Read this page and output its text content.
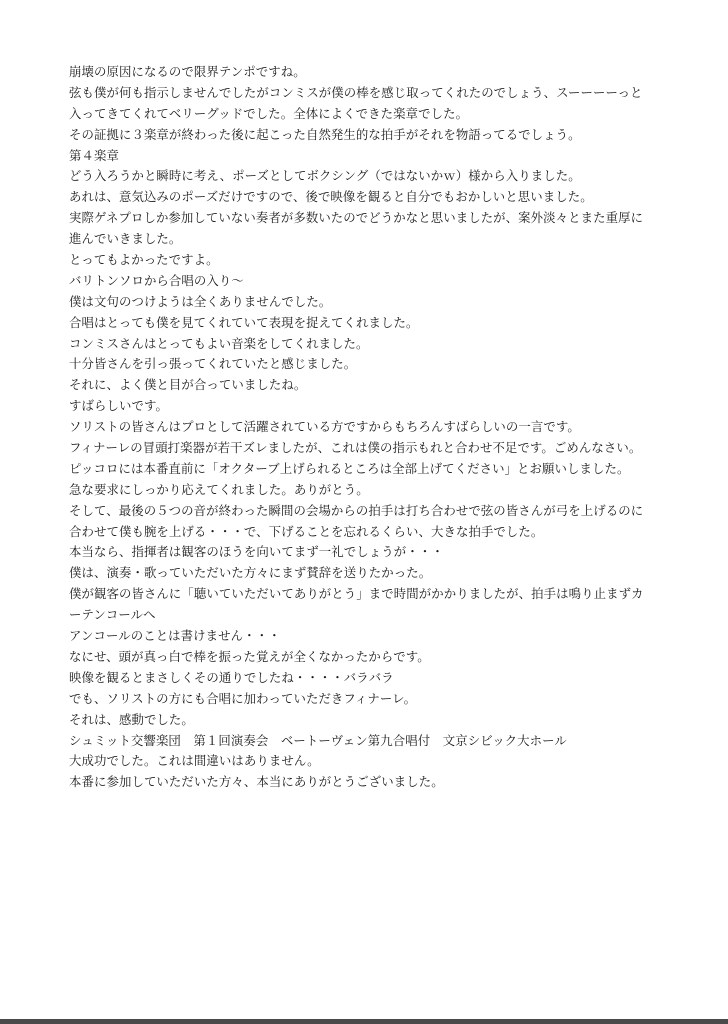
崩壊の原因になるので限界テンポですね。
弦も僕が何も指示しませんでしたがコンミスが僕の棒を感じ取ってくれたのでしょう、スーーーーっと
入ってきてくれてベリーグッドでした。全体によくできた楽章でした。
その証拠に３楽章が終わった後に起こった自然発生的な拍手がそれを物語ってるでしょう。
第４楽章
どう入ろうかと瞬時に考え、ポーズとしてボクシング（ではないかｗ）様から入りました。
あれは、意気込みのポーズだけですので、後で映像を観ると自分でもおかしいと思いました。
実際ゲネプロしか参加していない奏者が多数いたのでどうかなと思いましたが、案外淡々とまた重厚に
進んでいきました。
とってもよかったですよ。
バリトンソロから合唱の入り～
僕は文句のつけようは全くありませんでした。
合唱はとっても僕を見てくれていて表現を捉えてくれました。
コンミスさんはとってもよい音楽をしてくれました。
十分皆さんを引っ張ってくれていたと感じました。
それに、よく僕と目が合っていましたね。
すばらしいです。
ソリストの皆さんはプロとして活躍されている方ですからもちろんすばらしいの一言です。
フィナーレの冒頭打楽器が若干ズレましたが、これは僕の指示もれと合わせ不足です。ごめんなさい。
ピッコロには本番直前に「オクターブ上げられるところは全部上げてください」とお願いしました。
急な要求にしっかり応えてくれました。ありがとう。
そして、最後の５つの音が終わった瞬間の会場からの拍手は打ち合わせで弦の皆さんが弓を上げるのに
合わせて僕も腕を上げる・・・で、下げることを忘れるくらい、大きな拍手でした。
本当なら、指揮者は観客のほうを向いてまず一礼でしょうが・・・
僕は、演奏・歌っていただいた方々にまず賛辞を送りたかった。
僕が観客の皆さんに「聴いていただいてありがとう」まで時間がかかりましたが、拍手は鳴り止まずカ
ーテンコールへ
アンコールのことは書けません・・・
なにせ、頭が真っ白で棒を振った覚えが全くなかったからです。
映像を観るとまさしくその通りでしたね・・・・バラバラ
でも、ソリストの方にも合唱に加わっていただきフィナーレ。
それは、感動でした。
シュミット交響楽団　第１回演奏会　ベートーヴェン第九合唱付　文京シビック大ホール
大成功でした。これは間違いはありません。
本番に参加していただいた方々、本当にありがとうございました。
